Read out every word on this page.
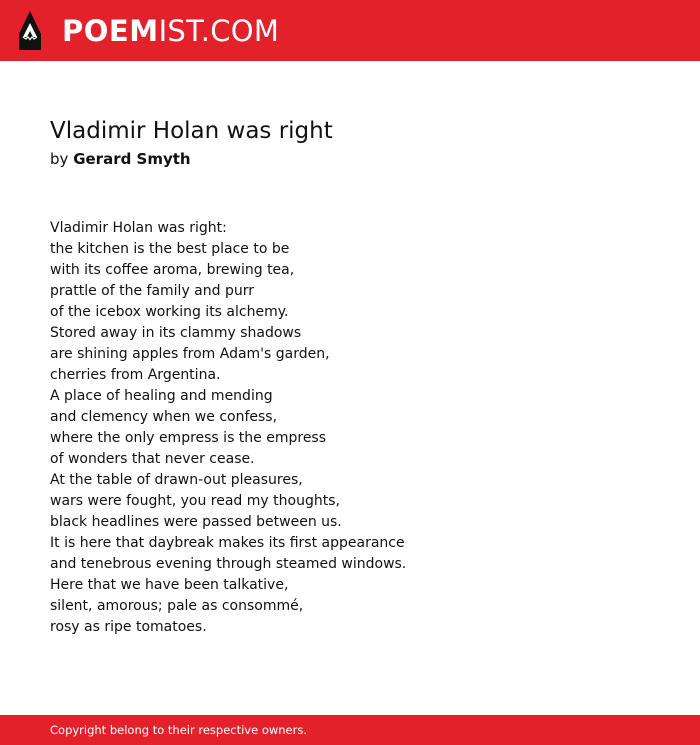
POEMIST.COM
Vladimir Holan was right
by Gerard Smyth
Vladimir Holan was right:
the kitchen is the best place to be
with its coffee aroma, brewing tea,
prattle of the family and purr
of the icebox working its alchemy.
Stored away in its clammy shadows
are shining apples from Adam's garden,
cherries from Argentina.
A place of healing and mending
and clemency when we confess,
where the only empress is the empress
of wonders that never cease.
At the table of drawn-out pleasures,
wars were fought, you read my thoughts,
black headlines were passed between us.
It is here that daybreak makes its first appearance
and tenebrous evening through steamed windows.
Here that we have been talkative,
silent, amorous; pale as consommé,
rosy as ripe tomatoes.
Copyright belong to their respective owners.
